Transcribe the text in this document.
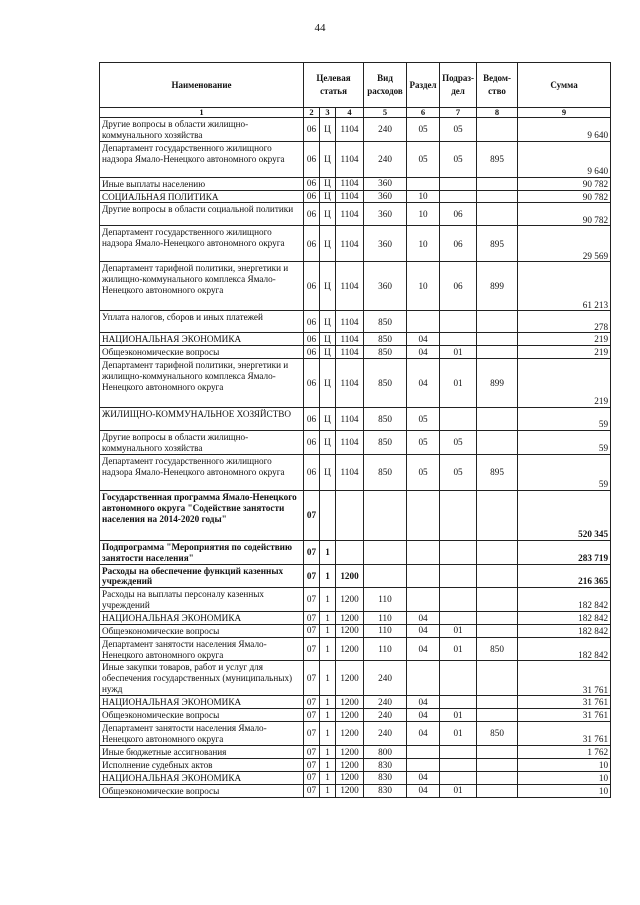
44
Наименование	Целевая статья			Вид расходов	Раздел	Подраз-дел	Ведом-ство	Сумма
1	2	3	4	5	6	7	8	9
Другие вопросы в области жилищно-коммунального хозяйства	06	Ц	1104	240	05	05		9 640
Департамент государственного жилищного надзора Ямало-Ненецкого автономного округа	06	Ц	1104	240	05	05	895	9 640
Иные выплаты населению	06	Ц	1104	360				90 782
СОЦИАЛЬНАЯ ПОЛИТИКА	06	Ц	1104	360	10			90 782
Другие вопросы в области социальной политики	06	Ц	1104	360	10	06		90 782
Департамент государственного жилищного надзора Ямало-Ненецкого автономного округа	06	Ц	1104	360	10	06	895	29 569
Департамент тарифной политики, энергетики и жилищно-коммунального комплекса Ямало-Ненецкого автономного округа	06	Ц	1104	360	10	06	899	61 213
Уплата налогов, сборов и иных платежей	06	Ц	1104	850				278
НАЦИОНАЛЬНАЯ ЭКОНОМИКА	06	Ц	1104	850	04			219
Общеэкономические вопросы	06	Ц	1104	850	04	01		219
Департамент тарифной политики, энергетики и жилищно-коммунального комплекса Ямало-Ненецкого автономного округа	06	Ц	1104	850	04	01	899	219
ЖИЛИЩНО-КОММУНАЛЬНОЕ ХОЗЯЙСТВО	06	Ц	1104	850	05			59
Другие вопросы в области жилищно-коммунального хозяйства	06	Ц	1104	850	05	05		59
Департамент государственного жилищного надзора Ямало-Ненецкого автономного округа	06	Ц	1104	850	05	05	895	59
Государственная программа Ямало-Ненецкого автономного округа "Содействие занятости населения на 2014-2020 годы"	07							520 345
Подпрограмма "Мероприятия по содействию занятости населения"	07	1						283 719
Расходы на обеспечение функций казенных учреждений	07	1	1200					216 365
Расходы на выплаты персоналу казенных учреждений	07	1	1200	110				182 842
НАЦИОНАЛЬНАЯ ЭКОНОМИКА	07	1	1200	110	04			182 842
Общеэкономические вопросы	07	1	1200	110	04	01		182 842
Департамент занятости населения Ямало-Ненецкого автономного округа	07	1	1200	110	04	01	850	182 842
Иные закупки товаров, работ и услуг для обеспечения государственных (муниципальных) нужд	07	1	1200	240				31 761
НАЦИОНАЛЬНАЯ ЭКОНОМИКА	07	1	1200	240	04			31 761
Общеэкономические вопросы	07	1	1200	240	04	01		31 761
Департамент занятости населения Ямало-Ненецкого автономного округа	07	1	1200	240	04	01	850	31 761
Иные бюджетные ассигнования	07	1	1200	800				1 762
Исполнение судебных актов	07	1	1200	830				10
НАЦИОНАЛЬНАЯ ЭКОНОМИКА	07	1	1200	830	04			10
Общеэкономические вопросы	07	1	1200	830	04	01		10
